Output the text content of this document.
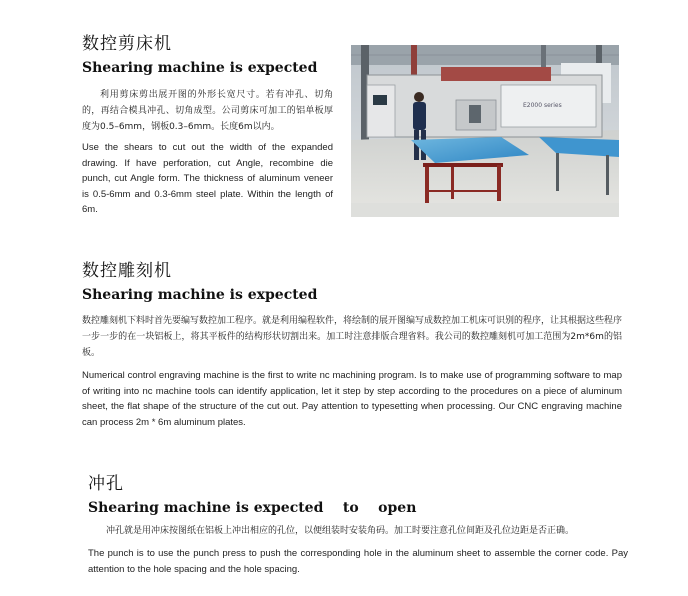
数控剪床机
Shearing machine is expected
利用剪床剪出展开图的外形长宽尺寸。若有冲孔、切角的，再结合模具冲孔、切角成型。公司剪床可加工的铝单板厚度为0.5–6mm，钢板0.3–6mm。长度6m以内。
Use the shears to cut out the width of the expanded drawing. If have perforation, cut Angle, recombine die punch, cut Angle form. The thickness of aluminum veneer is 0.5-6mm and 0.3-6mm steel plate. Within the length of 6m.
E2000 series
数控雕刻机
Shearing machine is expected
数控雕刻机下料时首先要编写数控加工程序。就是利用编程软件，将绘制的展开图编写成数控加工机床可识别的程序，让其根据这些程序一步一步的在一块铝板上，将其平板件的结构形状切割出来。加工时注意排版合理省料。我公司的数控雕刻机可加工范围为2m*6m的铝板。
Numerical control engraving machine is the first to write nc machining program. Is to make use of programming software to map of writing into nc machine tools can identify application, let it step by step according to the procedures on a piece of aluminum sheet, the flat shape of the structure of the cut out. Pay attention to typesetting when processing. Our CNC engraving machine can process 2m * 6m aluminum plates.
冲孔
Shearing machine is expected    to    open
冲孔就是用冲床按图纸在铝板上冲出相应的孔位，以便组装时安装角码。加工时要注意孔位间距及孔位边距是否正确。
The punch is to use the punch press to push the corresponding hole in the aluminum sheet to assemble the corner code. Pay attention to the hole spacing and the hole spacing.
